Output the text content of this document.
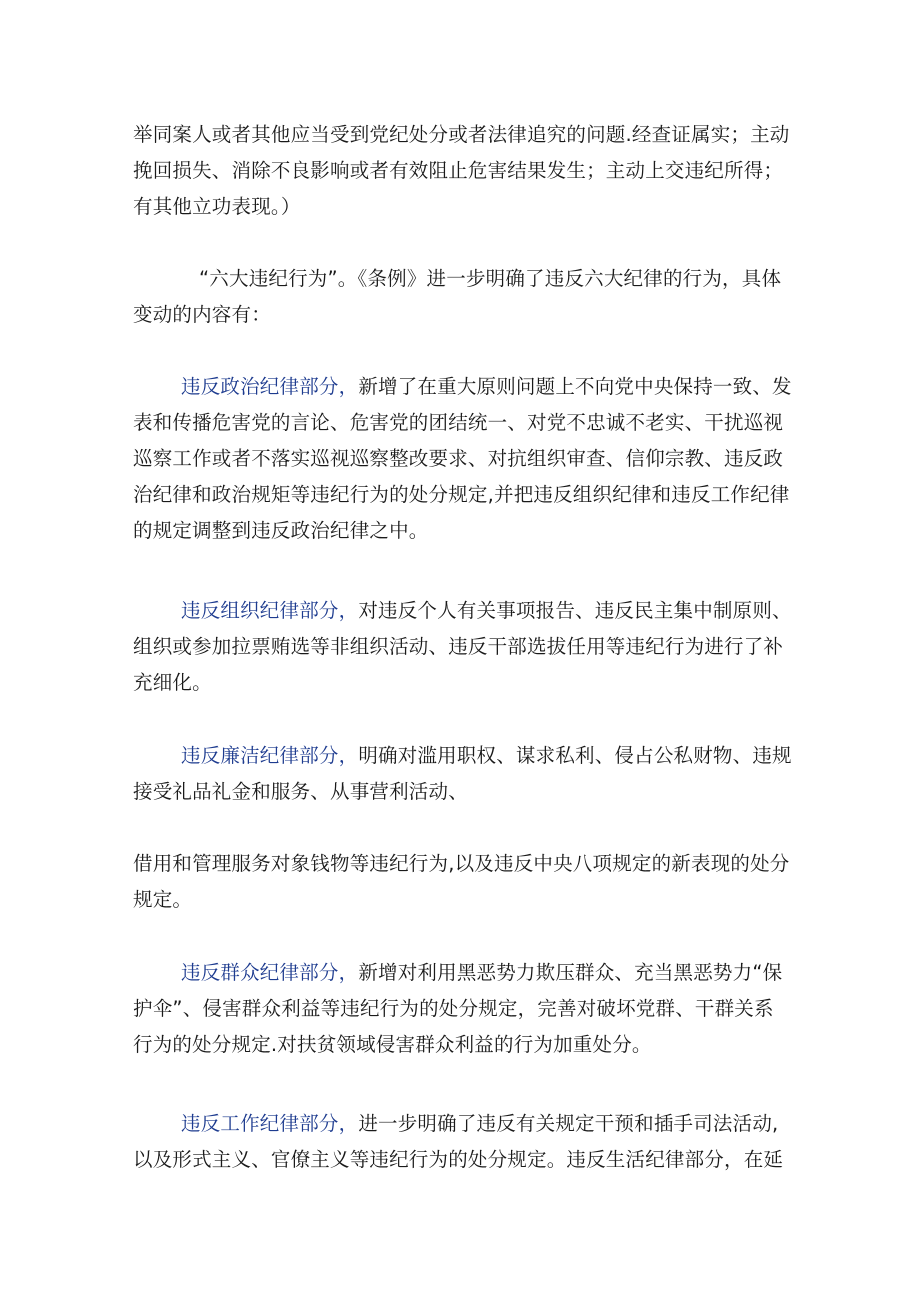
举同案人或者其他应当受到党纪处分或者法律追究的问题.经查证属实；主动挽回损失、消除不良影响或者有效阻止危害结果发生；主动上交违纪所得；有其他立功表现。）

“六大违纪行为”。《条例》进一步明确了违反六大纪律的行为，具体变动的内容有：

违反政治纪律部分，新增了在重大原则问题上不向党中央保持一致、发表和传播危害党的言论、危害党的团结统一、对党不忠诚不老实、干扰巡视巡察工作或者不落实巡视巡察整改要求、对抗组织审查、信仰宗教、违反政治纪律和政治规矩等违纪行为的处分规定,并把违反组织纪律和违反工作纪律的规定调整到违反政治纪律之中。

违反组织纪律部分，对违反个人有关事项报告、违反民主集中制原则、组织或参加拉票贿选等非组织活动、违反干部选拔任用等违纪行为进行了补充细化。

违反廉洁纪律部分，明确对滥用职权、谋求私利、侵占公私财物、违规接受礼品礼金和服务、从事营利活动、

借用和管理服务对象钱物等违纪行为,以及违反中央八项规定的新表现的处分规定。

违反群众纪律部分，新增对利用黑恶势力欺压群众、充当黑恶势力“保护伞”、侵害群众利益等违纪行为的处分规定，完善对破坏党群、干群关系行为的处分规定.对扶贫领域侵害群众利益的行为加重处分。

违反工作纪律部分，进一步明确了违反有关规定干预和插手司法活动,以及形式主义、官僚主义等违纪行为的处分规定。违反生活纪律部分，在延
